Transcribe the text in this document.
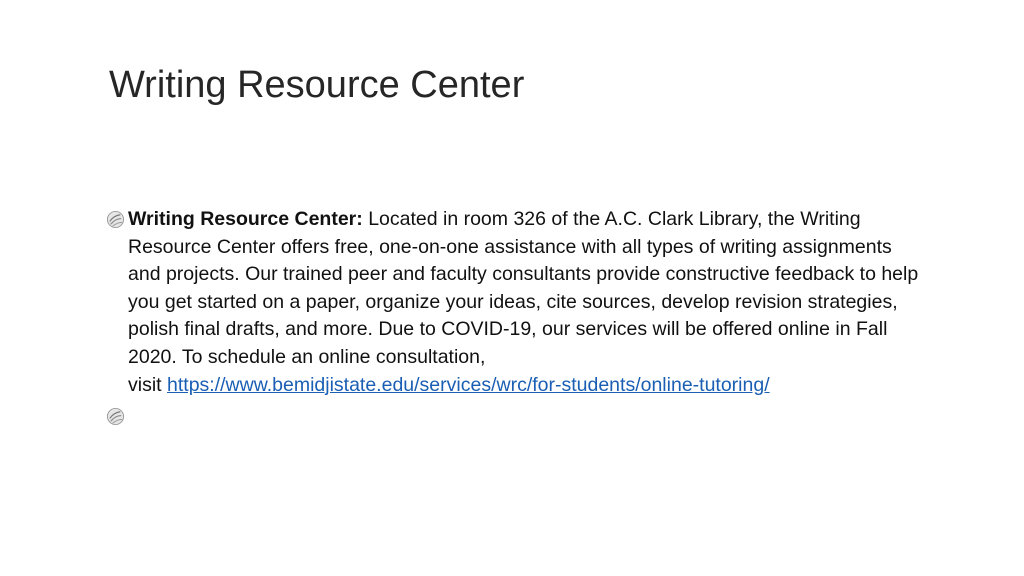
Writing Resource Center
Writing Resource Center: Located in room 326 of the A.C. Clark Library, the Writing Resource Center offers free, one-on-one assistance with all types of writing assignments and projects. Our trained peer and faculty consultants provide constructive feedback to help you get started on a paper, organize your ideas, cite sources, develop revision strategies, polish final drafts, and more. Due to COVID-19, our services will be offered online in Fall 2020. To schedule an online consultation,
visit https://www.bemidjistate.edu/services/wrc/for-students/online-tutoring/
